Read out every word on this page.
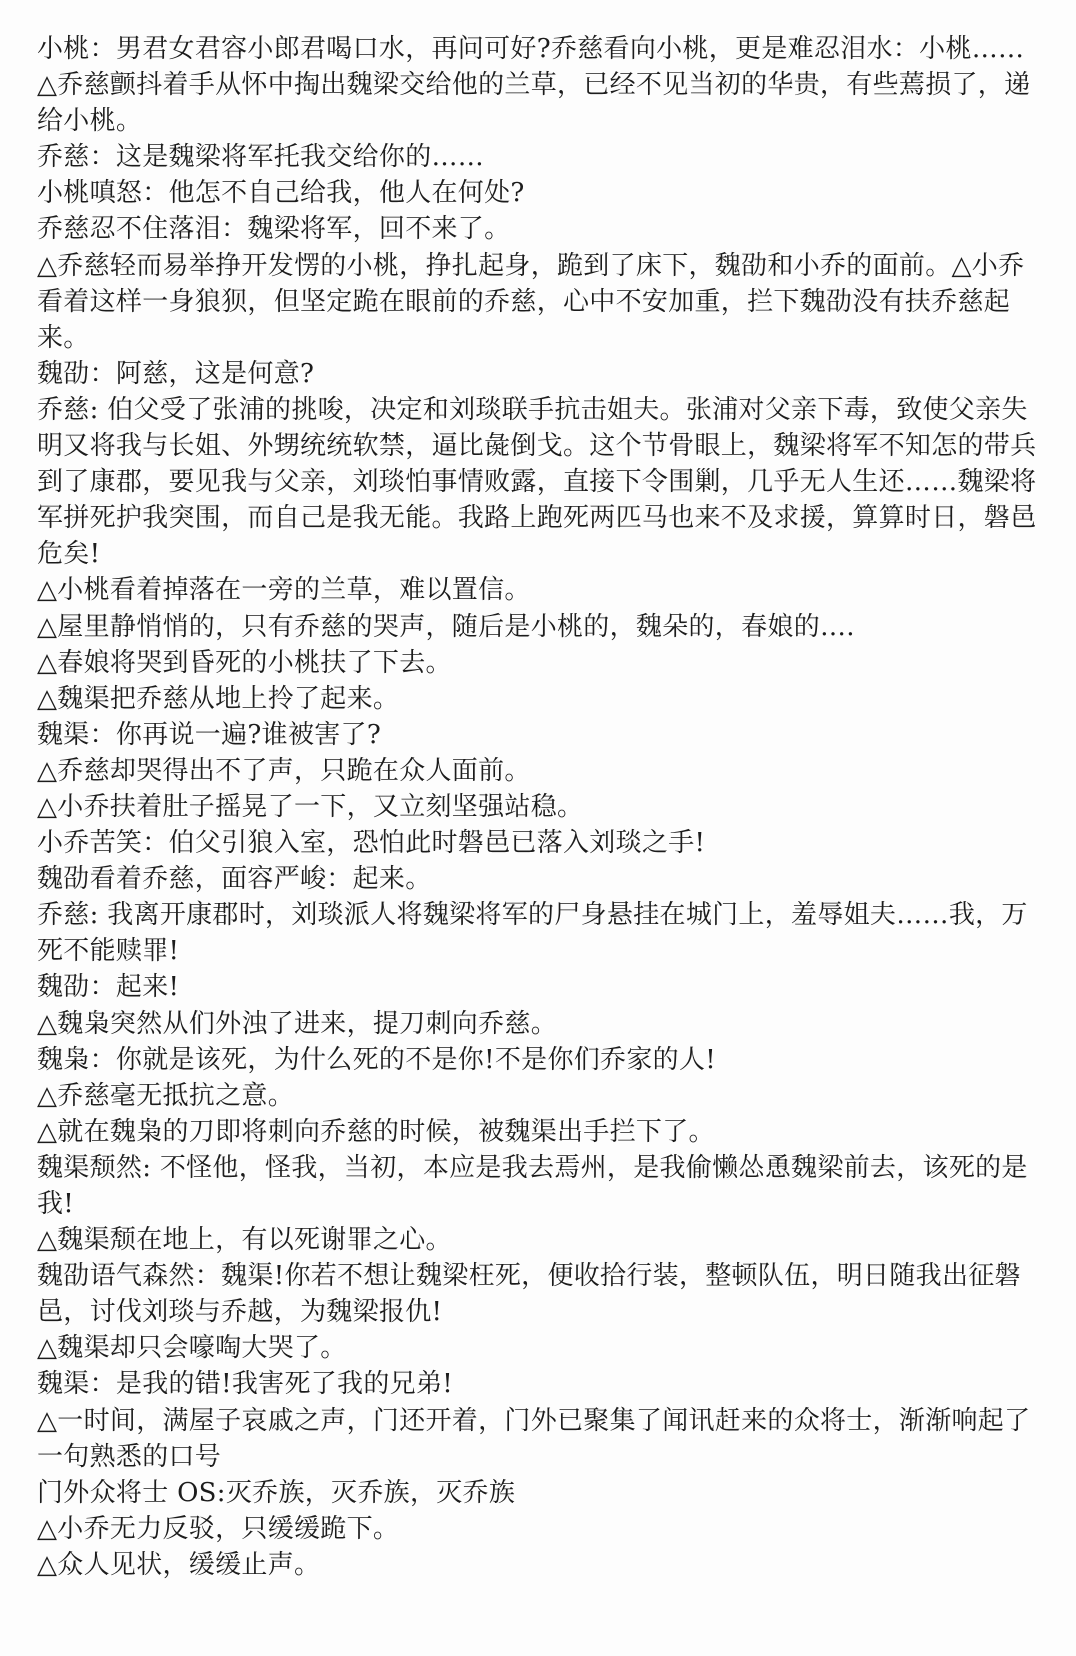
小桃：男君女君容小郎君喝口水，再问可好?乔慈看向小桃，更是难忍泪水：小桃……

△乔慈颤抖着手从怀中掏出魏梁交给他的兰草，已经不见当初的华贵，有些蔫损了，递给小桃。

乔慈：这是魏梁将军托我交给你的……

小桃嗔怒：他怎不自己给我，他人在何处?

乔慈忍不住落泪：魏梁将军，回不来了。

△乔慈轻而易举挣开发愣的小桃，挣扎起身，跪到了床下，魏劭和小乔的面前。△小乔看着这样一身狼狈，但坚定跪在眼前的乔慈，心中不安加重，拦下魏劭没有扶乔慈起来。

魏劭：阿慈，这是何意?

乔慈: 伯父受了张浦的挑唆，决定和刘琰联手抗击姐夫。张浦对父亲下毒，致使父亲失明又将我与长姐、外甥统统软禁，逼比彘倒戈。这个节骨眼上，魏梁将军不知怎的带兵到了康郡，要见我与父亲，刘琰怕事情败露，直接下令围剿，几乎无人生还……魏梁将军拼死护我突围，而自己是我无能。我路上跑死两匹马也来不及求援，算算时日，磐邑危矣!

△小桃看着掉落在一旁的兰草，难以置信。

△屋里静悄悄的，只有乔慈的哭声，随后是小桃的，魏朵的，春娘的….

△春娘将哭到昏死的小桃扶了下去。

△魏渠把乔慈从地上拎了起来。

魏渠：你再说一遍?谁被害了?

△乔慈却哭得出不了声，只跪在众人面前。

△小乔扶着肚子摇晃了一下，又立刻坚强站稳。

小乔苦笑：伯父引狼入室，恐怕此时磐邑已落入刘琰之手!

魏劭看着乔慈，面容严峻：起来。

乔慈: 我离开康郡时，刘琰派人将魏梁将军的尸身悬挂在城门上，羞辱姐夫……我，万死不能赎罪!

魏劭：起来!

△魏枭突然从们外浊了进来，提刀刺向乔慈。

魏枭：你就是该死，为什么死的不是你!不是你们乔家的人!

△乔慈毫无抵抗之意。

△就在魏枭的刀即将刺向乔慈的时候，被魏渠出手拦下了。

魏渠颓然: 不怪他，怪我，当初，本应是我去焉州，是我偷懒怂恿魏梁前去，该死的是我!

△魏渠颓在地上，有以死谢罪之心。

魏劭语气森然：魏渠!你若不想让魏梁枉死，便收拾行装，整顿队伍，明日随我出征磐邑，讨伐刘琰与乔越，为魏梁报仇!

△魏渠却只会嚎啕大哭了。

魏渠：是我的错!我害死了我的兄弟!

△一时间，满屋子哀戚之声，门还开着，门外已聚集了闻讯赶来的众将士，渐渐响起了一句熟悉的口号

门外众将士 OS:灭乔族，灭乔族，灭乔族

△小乔无力反驳，只缓缓跪下。

△众人见状，缓缓止声。
